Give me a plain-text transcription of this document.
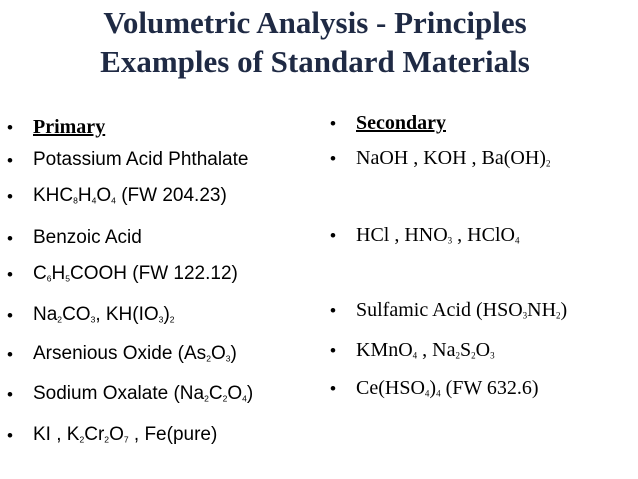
Volumetric Analysis - Principles
Examples of Standard Materials
• Primary
• Potassium Acid Phthalate
• $KHC_8H_4O_4$ (FW 204.23)
• Benzoic Acid
• $C_6H_5COOH$ (FW 122.12)
• $Na_2CO_3$, $KH(IO_3)_2$
• Arsenious Oxide $(As_2O_3)$
• Sodium Oxalate $(Na_2C_2O_4)$
• KI , $K_2Cr_2O_7$ , Fe(pure)
• Secondary
• NaOH , KOH , $Ba(OH)_2$
• HCl , $HNO_3$ , HClO$_4$
• Sulfamic Acid $(HSO_3NH_2)$
• KMnO$_4$ , $Na_2S_2O_3$
• $Ce(HSO_4)_4$ (FW 632.6)
